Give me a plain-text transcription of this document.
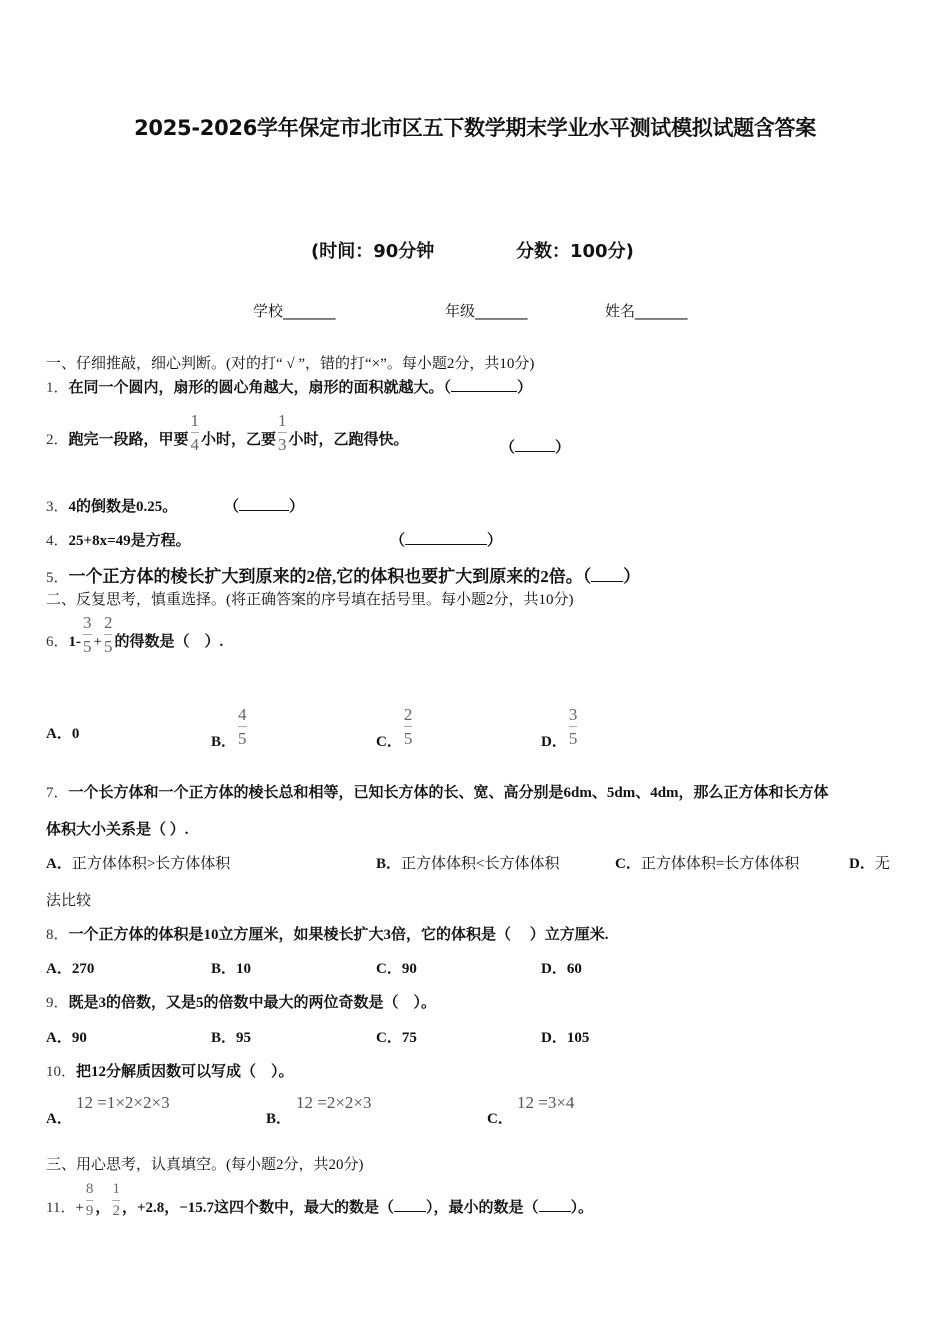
2025-2026学年保定市北市区五下数学期末学业水平测试模拟试题含答案
(时间：90分钟	分数：100分)
学校_______	年级_______	姓名_______
一、仔细推敲，细心判断。(对的打“ √ ”，错的打“×”。每小题2分，共10分)
1．在同一个圆内，扇形的圆心角越大，扇形的面积就越大。（	）
2．跑完一段路，甲要 $\frac{1}{4}$ 小时，乙要 $\frac{1}{3}$ 小时，乙跑得快。
（	）
3．4的倒数是0.25。	（	）
4．25+8x=49是方程。	（	）
5．一个正方体的棱长扩大到原来的2倍,它的体积也要扩大到原来的2倍。（ ）
二、反复思考，慎重选择。(将正确答案的序号填在括号里。每小题2分，共10分)
6．$1- \frac{3}{5} + \frac{2}{5}$ 的得数是（　）.
A．0	B． $\frac{4}{5}$	C． $\frac{2}{5}$	D． $\frac{3}{5}$
7．一个长方体和一个正方体的棱长总和相等，已知长方体的长、宽、高分别是6dm、5dm、4dm，那么正方体和长方体
体积大小关系是（ ）.
A．正方体体积>长方体体积	B．正方体体积<长方体体积	C．正方体体积=长方体体积	D．无
法比较
8．一个正方体的体积是10立方厘米，如果棱长扩大3倍，它的体积是（　 ）立方厘米.
A．270	B．10	C．90	D．60
9．既是3的倍数，又是5的倍数中最大的两位奇数是（　）。
A．90	B．95	C．75	D．105
10．把12分解质因数可以写成（　）。
A．
12 =1×2×2×3
B．
12 =2×2×3
C．
12 =3×4
三、用心思考，认真填空。(每小题2分，共20分)
11．+ $\frac{8}{9}$ ， $\frac{1}{2}$ ，+2.8，−15.7这四个数中，最大的数是（ ），最小的数是（ ）。
